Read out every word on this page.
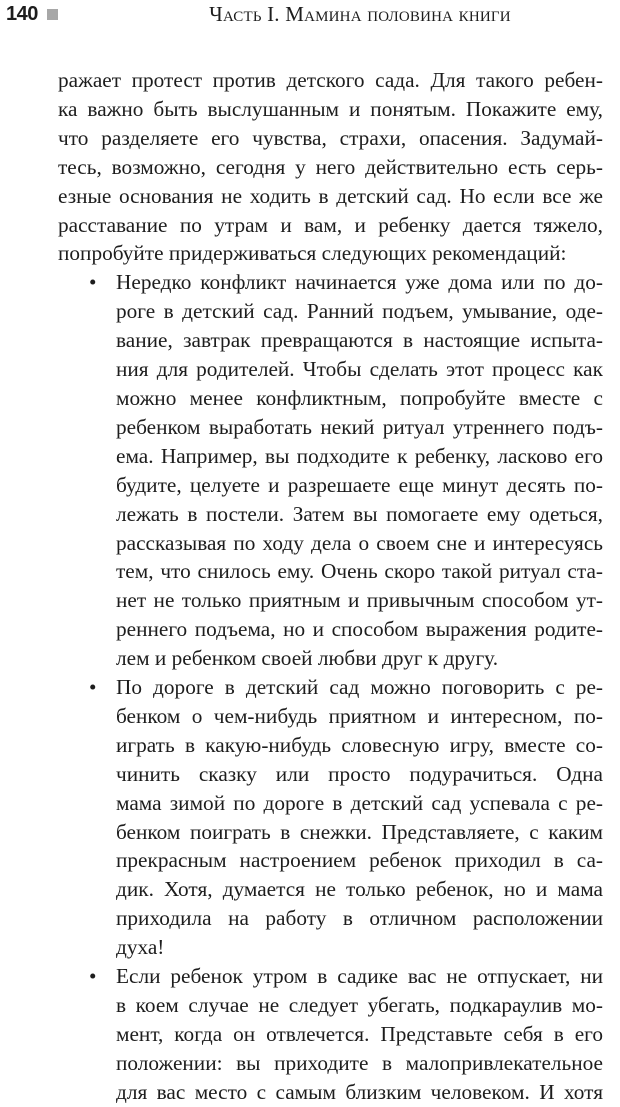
140	Часть I. Мамина половина книги
ражает протест против детского сада. Для такого ребен-
ка важно быть выслушанным и понятым. Покажите ему,
что разделяете его чувства, страхи, опасения. Задумай-
тесь, возможно, сегодня у него действительно есть серь-
езные основания не ходить в детский сад. Но если все же
расставание по утрам и вам, и ребенку дается тяжело,
попробуйте придерживаться следующих рекомендаций:
• Нередко конфликт начинается уже дома или по до-
роге в детский сад. Ранний подъем, умывание, оде-
вание, завтрак превращаются в настоящие испыта-
ния для родителей. Чтобы сделать этот процесс как
можно менее конфликтным, попробуйте вместе с
ребенком выработать некий ритуал утреннего подъ-
ема. Например, вы подходите к ребенку, ласково его
будите, целуете и разрешаете еще минут десять по-
лежать в постели. Затем вы помогаете ему одеться,
рассказывая по ходу дела о своем сне и интересуясь
тем, что снилось ему. Очень скоро такой ритуал ста-
нет не только приятным и привычным способом ут-
реннего подъема, но и способом выражения родите-
лем и ребенком своей любви друг к другу.
• По дороге в детский сад можно поговорить с ре-
бенком о чем-нибудь приятном и интересном, по-
играть в какую-нибудь словесную игру, вместе со-
чинить сказку или просто подурачиться. Одна
мама зимой по дороге в детский сад успевала с ре-
бенком поиграть в снежки. Представляете, с каким
прекрасным настроением ребенок приходил в са-
дик. Хотя, думается не только ребенок, но и мама
приходила на работу в отличном расположении
духа!
• Если ребенок утром в садике вас не отпускает, ни
в коем случае не следует убегать, подкараулив мо-
мент, когда он отвлечется. Представьте себя в его
положении: вы приходите в малопривлекательное
для вас место с самым близким человеком. И хотя
